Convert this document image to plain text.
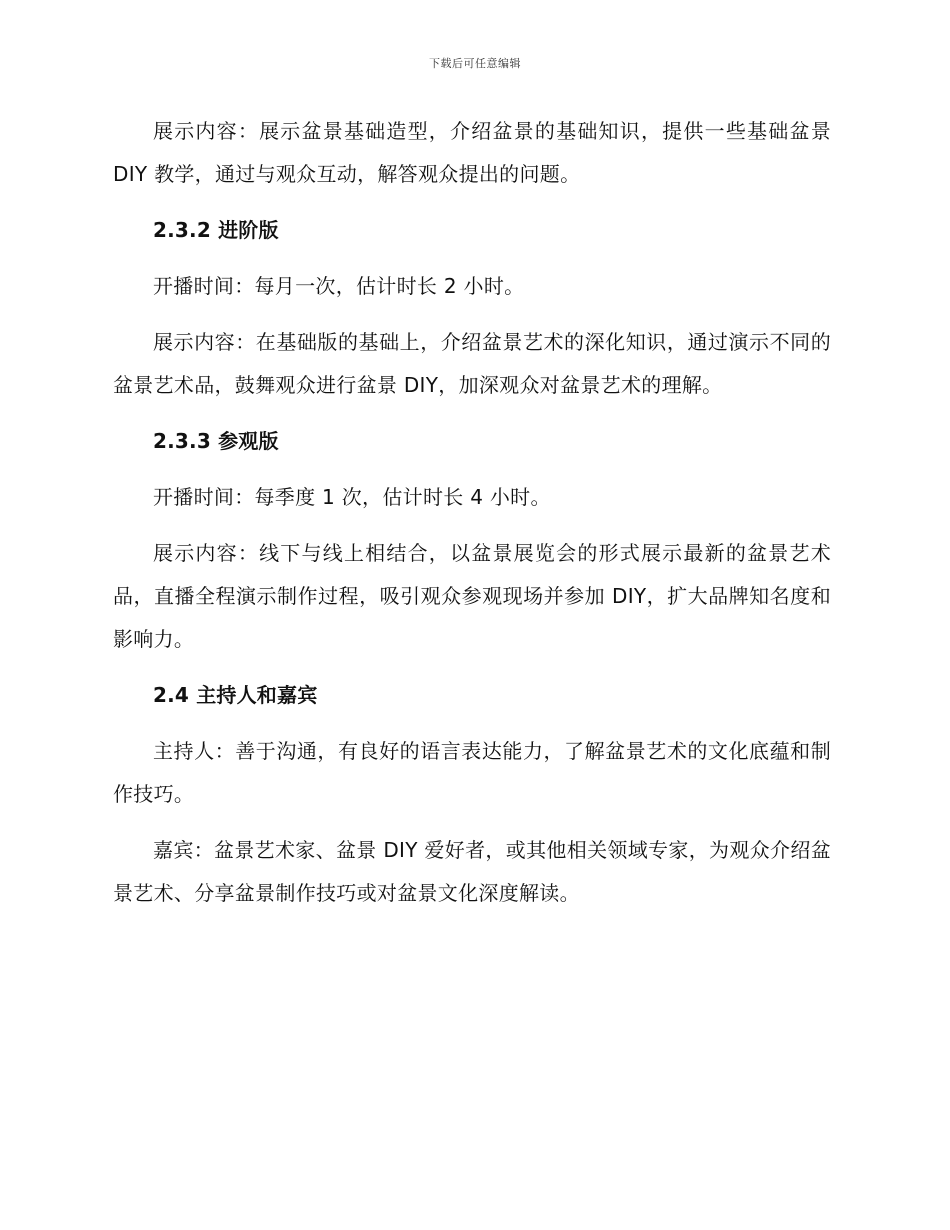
下载后可任意编辑

展示内容：展示盆景基础造型，介绍盆景的基础知识，提供一些基础盆景 DIY 教学，通过与观众互动，解答观众提出的问题。

2.3.2 进阶版

开播时间：每月一次，估计时长 2 小时。

展示内容：在基础版的基础上，介绍盆景艺术的深化知识，通过演示不同的盆景艺术品，鼓舞观众进行盆景 DIY，加深观众对盆景艺术的理解。

2.3.3 参观版

开播时间：每季度 1 次，估计时长 4 小时。

展示内容：线下与线上相结合，以盆景展览会的形式展示最新的盆景艺术品，直播全程演示制作过程，吸引观众参观现场并参加 DIY，扩大品牌知名度和影响力。

2.4 主持人和嘉宾

主持人：善于沟通，有良好的语言表达能力，了解盆景艺术的文化底蕴和制作技巧。

嘉宾：盆景艺术家、盆景 DIY 爱好者，或其他相关领域专家，为观众介绍盆景艺术、分享盆景制作技巧或对盆景文化深度解读。
